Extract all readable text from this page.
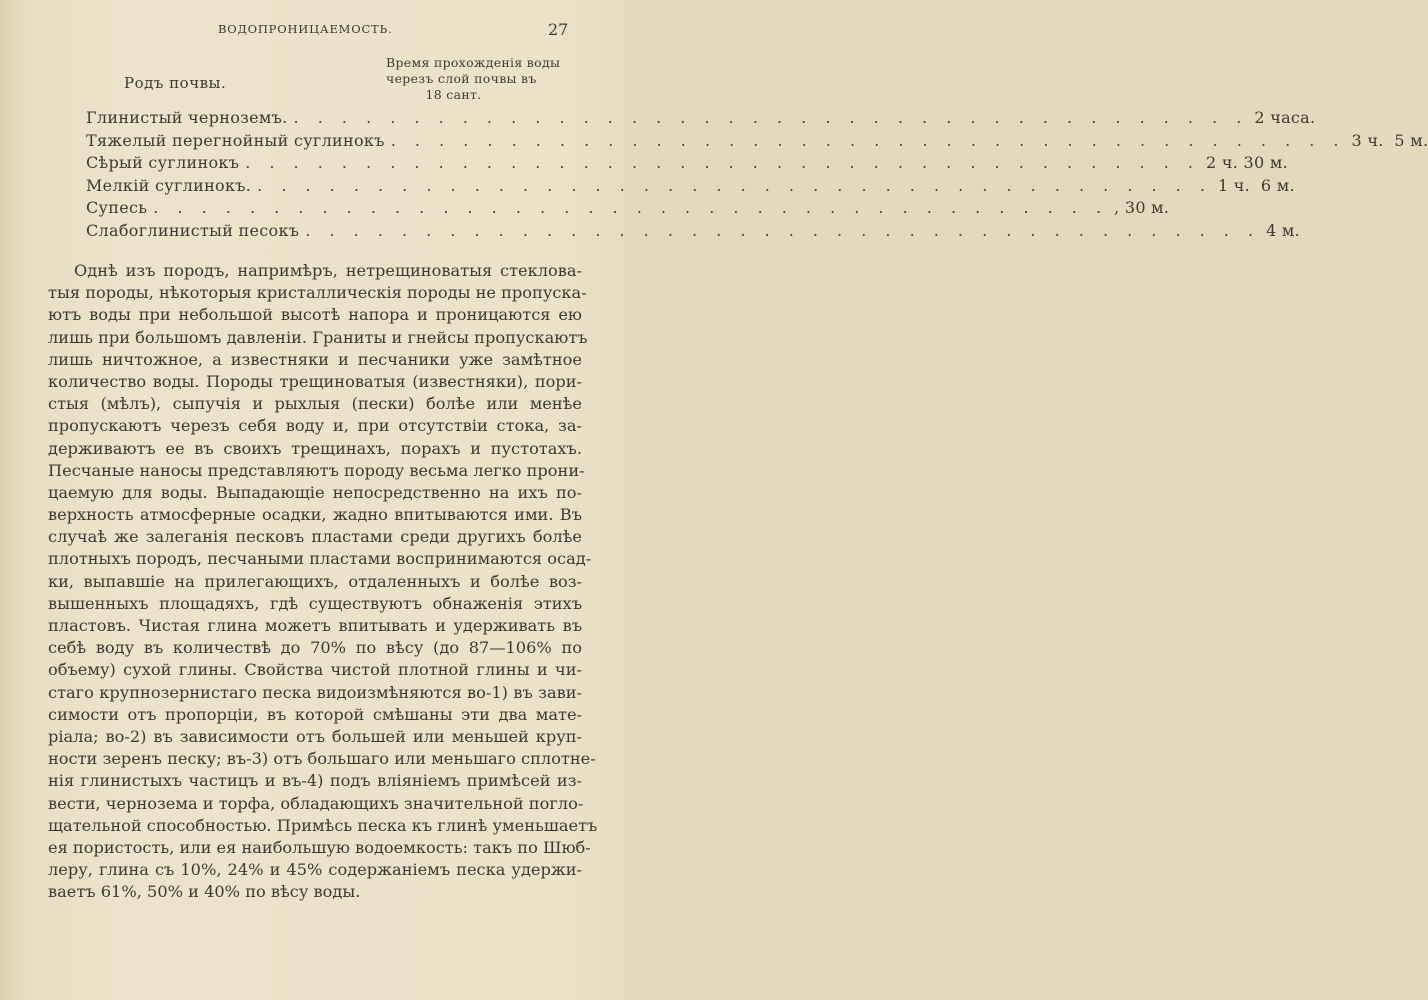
ВОДОПРОНИЦАЕМОСТЬ.	27
Родъ почвы.
Время прохожденія воды
черезъ слой почвы въ
18 сант.
Глинистый черноземъ. . . . . . . . . . . . . . . . . . . . . . . . . . . . . . . . . . . . . . . . . 2 часа.
Тяжелый перегнойный суглинокъ . . . . . . . . . . . . . . . . . . . . . . . . . . . . . . . . . . . . . . . . 3 ч.  5 м.
Сѣрый суглинокъ . . . . . . . . . . . . . . . . . . . . . . . . . . . . . . . . . . . . . . . . 2 ч. 30 м.
Мелкій суглинокъ. . . . . . . . . . . . . . . . . . . . . . . . . . . . . . . . . . . . . . . . . 1 ч.  6 м.
Супесь . . . . . . . . . . . . . . . . . . . . . . . . . . . . . . . . . . . . . . . . , 30 м.
Слабоглинистый песокъ . . . . . . . . . . . . . . . . . . . . . . . . . . . . . . . . . . . . . . . . 4 м.
Однѣ изъ породъ, напримѣръ, нетрещиноватыя стеклова-
тыя породы, нѣкоторыя кристаллическія породы не пропуска-
ютъ воды при небольшой высотѣ напора и проницаются ею
лишь при большомъ давленіи. Граниты и гнейсы пропускаютъ
лишь ничтожное, а известняки и песчаники уже замѣтное
количество воды. Породы трещиноватыя (известняки), пори-
стыя (мѣлъ), сыпучія и рыхлыя (пески) болѣе или менѣе
пропускаютъ черезъ себя воду и, при отсутствіи стока, за-
держиваютъ ее въ своихъ трещинахъ, порахъ и пустотахъ.
Песчаные наносы представляютъ породу весьма легко прони-
цаемую для воды. Выпадающіе непосредственно на ихъ по-
верхность атмосферные осадки, жадно впитываются ими. Въ
случаѣ же залеганія песковъ пластами среди другихъ болѣе
плотныхъ породъ, песчаными пластами воспринимаются осад-
ки, выпавшіе на прилегающихъ, отдаленныхъ и болѣе воз-
вышенныхъ площадяхъ, гдѣ существуютъ обнаженія этихъ
пластовъ. Чистая глина можетъ впитывать и удерживать въ
себѣ воду въ количествѣ до 70% по вѣсу (до 87—106% по
объему) сухой глины. Свойства чистой плотной глины и чи-
стаго крупнозернистаго песка видоизмѣняются во-1) въ зави-
симости отъ пропорціи, въ которой смѣшаны эти два мате-
ріала; во-2) въ зависимости отъ большей или меньшей круп-
ности зеренъ песку; въ-3) отъ большаго или меньшаго сплотне-
нія глинистыхъ частицъ и въ-4) подъ вліяніемъ примѣсей из-
вести, чернозема и торфа, обладающихъ значительной погло-
щательной способностью. Примѣсь песка къ глинѣ уменьшаетъ
ея пористость, или ея наибольшую водоемкость: такъ по Шюб-
леру, глина съ 10%, 24% и 45% содержаніемъ песка удержи-
ваетъ 61%, 50% и 40% по вѣсу воды.
